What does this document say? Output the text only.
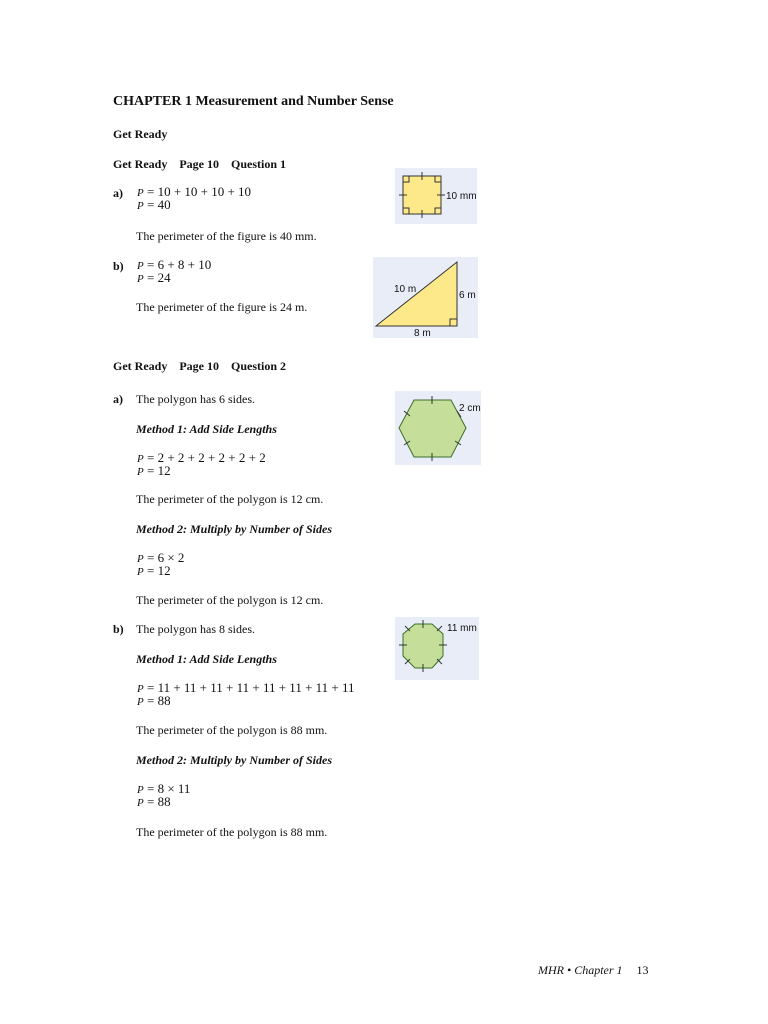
CHAPTER 1 Measurement and Number Sense
Get Ready
Get Ready    Page 10    Question 1
a) P = 10 + 10 + 10 + 10
P = 40
The perimeter of the figure is 40 mm.
10 mm
b) P = 6 + 8 + 10
P = 24
The perimeter of the figure is 24 m.
10 m
6 m
8 m
Get Ready    Page 10    Question 2
a) The polygon has 6 sides.
Method 1: Add Side Lengths
P = 2 + 2 + 2 + 2 + 2 + 2
P = 12
The perimeter of the polygon is 12 cm.
Method 2: Multiply by Number of Sides
P = 6 × 2
P = 12
The perimeter of the polygon is 12 cm.
2 cm
b) The polygon has 8 sides.
Method 1: Add Side Lengths
P = 11 + 11 + 11 + 11 + 11 + 11 + 11 + 11
P = 88
The perimeter of the polygon is 88 mm.
Method 2: Multiply by Number of Sides
P = 8 × 11
P = 88
The perimeter of the polygon is 88 mm.
11 mm
MHR • Chapter 1 13
